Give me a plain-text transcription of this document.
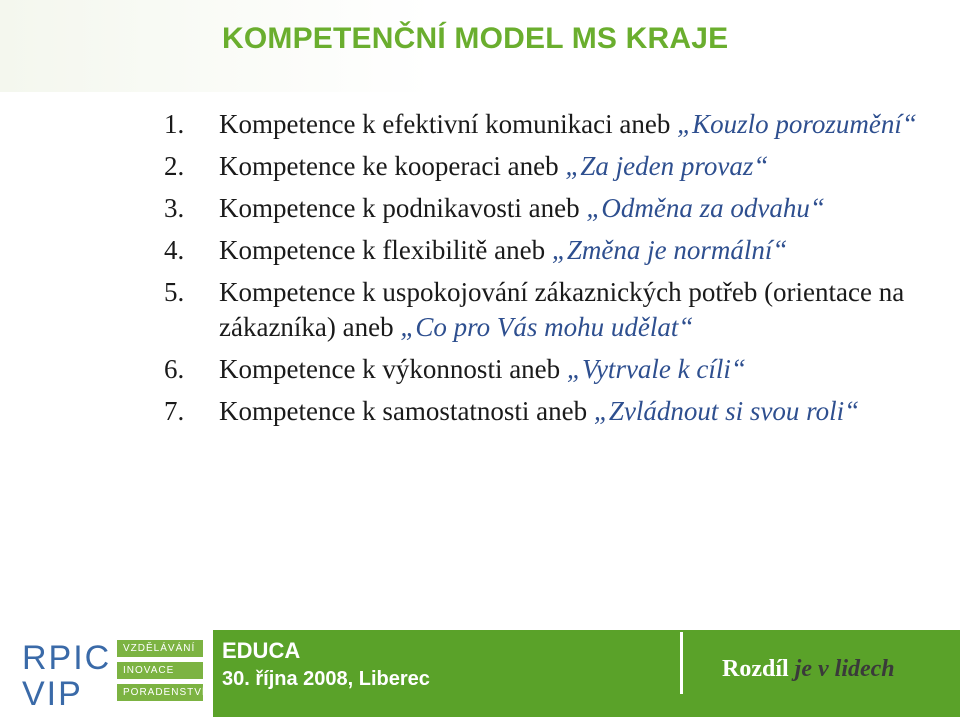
KOMPETENČNÍ MODEL MS KRAJE
1. Kompetence k efektivní komunikaci aneb „Kouzlo porozumění“
2. Kompetence ke kooperaci aneb „Za jeden provaz“
3. Kompetence k podnikavosti aneb „Odměna za odvahu“
4. Kompetence k flexibilitě aneb „Změna je normální“
5. Kompetence k uspokojování zákaznických potřeb (orientace na zákazníka) aneb „Co pro Vás mohu udělat“
6. Kompetence k výkonnosti aneb „Vytrvale k cíli“
7. Kompetence k samostatnosti aneb „Zvládnout si svou roli“
RPIC
VIP
VZDĚLÁVÁNÍ
INOVACE
PORADENSTVÍ
EDUCA
30. října 2008, Liberec	Rozdíl je v lidech
